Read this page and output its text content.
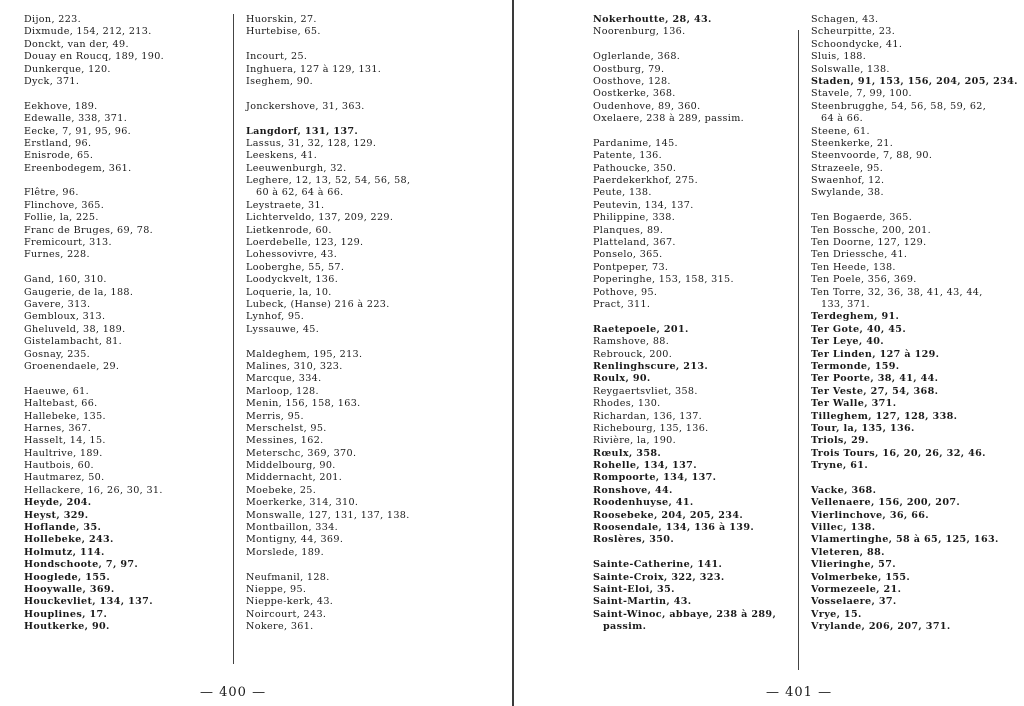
Dijon, 223.
Dixmude, 154, 212, 213.
Donckt, van der, 49.
Douay en Roucq, 189, 190.
Dunkerque, 120.
Dyck, 371.
Eekhove, 189.
Edewalle, 338, 371.
Eecke, 7, 91, 95, 96.
Erstland, 96.
Enisrode, 65.
Ereenbodegem, 361.
Flêtre, 96.
Flinchove, 365.
Follie, la, 225.
Franc de Bruges, 69, 78.
Fremicourt, 313.
Furnes, 228.
Gand, 160, 310.
Gaugerie, de la, 188.
Gavere, 313.
Gembloux, 313.
Gheluveld, 38, 189.
Gistelambacht, 81.
Gosnay, 235.
Groenendaele, 29.
Haeuwe, 61.
Haltebast, 66.
Hallebeke, 135.
Harnes, 367.
Hasselt, 14, 15.
Haultrive, 189.
Hautbois, 60.
Hautmarez, 50.
Hellackere, 16, 26, 30, 31.
Heyde, 204.
Heyst, 329.
Hoflande, 35.
Hollebeke, 243.
Holmutz, 114.
Hondschoote, 7, 97.
Hooglede, 155.
Hooywalle, 369.
Houckevliet, 134, 137.
Houplines, 17.
Houtkerke, 90.
Huorskin, 27.
Hurtebise, 65.
Incourt, 25.
Inghuera, 127 à 129, 131.
Iseghem, 90.
Jonckershove, 31, 363.
Langdorf, 131, 137.
Lassus, 31, 32, 128, 129.
Leeskens, 41.
Leeuwenburgh, 32.
Leghere, 12, 13, 52, 54, 56, 58,
60 à 62, 64 à 66.
Leystraete, 31.
Lichterveldo, 137, 209, 229.
Lietkenrode, 60.
Loerdebelle, 123, 129.
Lohessovivre, 43.
Looberghe, 55, 57.
Loodyckvelt, 136.
Loquerie, la, 10.
Lubeck, (Hanse) 216 à 223.
Lynhof, 95.
Lyssauwe, 45.
Maldeghem, 195, 213.
Malines, 310, 323.
Marcque, 334.
Marloop, 128.
Menin, 156, 158, 163.
Merris, 95.
Merschelst, 95.
Messines, 162.
Meterschc, 369, 370.
Middelbourg, 90.
Middernacht, 201.
Moebeke, 25.
Moerkerke, 314, 310.
Monswalle, 127, 131, 137, 138.
Montbaillon, 334.
Montigny, 44, 369.
Morslede, 189.
Neufmanil, 128.
Nieppe, 95.
Nieppe-kerk, 43.
Noircourt, 243.
Nokere, 361.
— 400 —
Nokerhoutte, 28, 43.
Noorenburg, 136.
Oglerlande, 368.
Oostburg, 79.
Oosthove, 128.
Oostkerke, 368.
Oudenhove, 89, 360.
Oxelaere, 238 à 289, passim.
Pardanime, 145.
Patente, 136.
Pathoucke, 350.
Paerdekerkhof, 275.
Peute, 138.
Peutevin, 134, 137.
Philippine, 338.
Planques, 89.
Platteland, 367.
Ponselo, 365.
Pontpeper, 73.
Poperinghe, 153, 158, 315.
Pothove, 95.
Pract, 311.
Raetepoele, 201.
Ramshove, 88.
Rebrouck, 200.
Renlinghscure, 213.
Roulx, 90.
Reygaertsvliet, 358.
Rhodes, 130.
Richardan, 136, 137.
Richebourg, 135, 136.
Rivière, la, 190.
Rœulx, 358.
Rohelle, 134, 137.
Rompoorte, 134, 137.
Ronshove, 44.
Roodenhuyse, 41.
Roosebeke, 204, 205, 234.
Roosendale, 134, 136 à 139.
Roslères, 350.
Sainte-Catherine, 141.
Sainte-Croix, 322, 323.
Saint-Eloi, 35.
Saint-Martin, 43.
Saint-Winoc, abbaye, 238 à 289,
passim.
Schagen, 43.
Scheurpitte, 23.
Schoondycke, 41.
Sluis, 188.
Solswalle, 138.
Staden, 91, 153, 156, 204, 205, 234.
Stavele, 7, 99, 100.
Steenbrugghe, 54, 56, 58, 59, 62,
64 à 66.
Steene, 61.
Steenkerke, 21.
Steenvoorde, 7, 88, 90.
Strazeele, 95.
Swaenhof, 12.
Swylande, 38.
Ten Bogaerde, 365.
Ten Bossche, 200, 201.
Ten Doorne, 127, 129.
Ten Driessche, 41.
Ten Heede, 138.
Ten Poele, 356, 369.
Ten Torre, 32, 36, 38, 41, 43, 44,
133, 371.
Terdeghem, 91.
Ter Gote, 40, 45.
Ter Leye, 40.
Ter Linden, 127 à 129.
Termonde, 159.
Ter Poorte, 38, 41, 44.
Ter Veste, 27, 54, 368.
Ter Walle, 371.
Tilleghem, 127, 128, 338.
Tour, la, 135, 136.
Triols, 29.
Trois Tours, 16, 20, 26, 32, 46.
Tryne, 61.
Vacke, 368.
Vellenaere, 156, 200, 207.
Vierlinchove, 36, 66.
Villec, 138.
Vlamertinghe, 58 à 65, 125, 163.
Vleteren, 88.
Vlieringhe, 57.
Volmerbeke, 155.
Vormezeele, 21.
Vosselaere, 37.
Vrye, 15.
Vrylande, 206, 207, 371.
— 401 —
